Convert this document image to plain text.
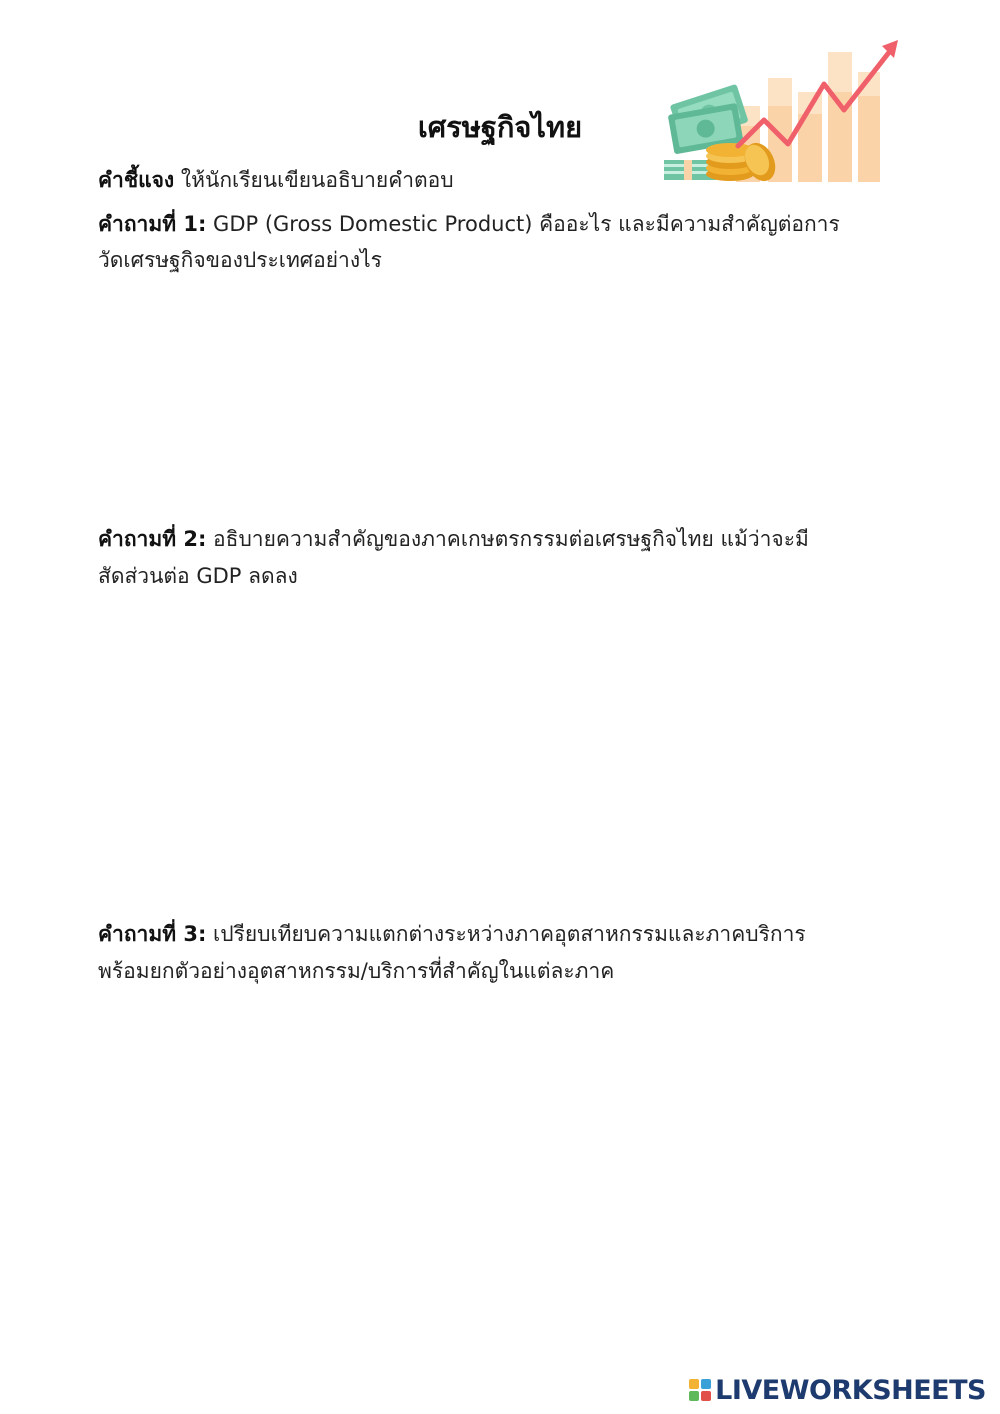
เศรษฐกิจไทย
คำชี้แจง ให้นักเรียนเขียนอธิบายคำตอบ
คำถามที่ 1: GDP (Gross Domestic Product) คืออะไร และมีความสำคัญต่อการ
วัดเศรษฐกิจของประเทศอย่างไร
คำถามที่ 2: อธิบายความสำคัญของภาคเกษตรกรรมต่อเศรษฐกิจไทย แม้ว่าจะมี
สัดส่วนต่อ GDP ลดลง
คำถามที่ 3: เปรียบเทียบความแตกต่างระหว่างภาคอุตสาหกรรมและภาคบริการ
พร้อมยกตัวอย่างอุตสาหกรรม/บริการที่สำคัญในแต่ละภาค
LIVEWORKSHEETS
